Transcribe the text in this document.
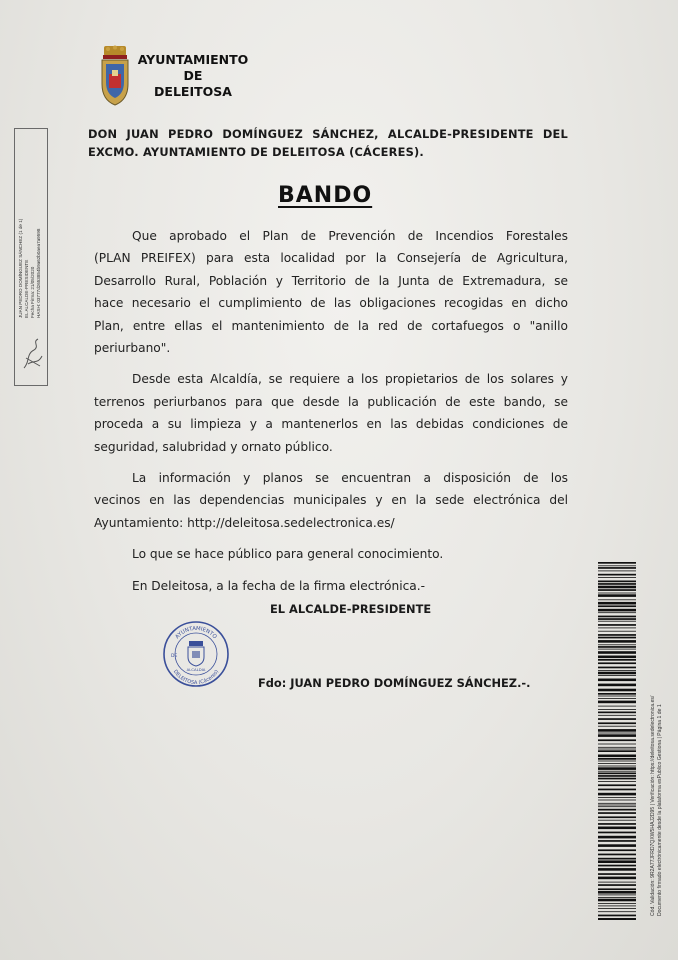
AYUNTAMIENTO
DE
DELEITOSA
JUAN PEDRO DOMÍNGUEZ SÁNCHEZ (1 de 1) EL ALCALDE-PRESIDENTE Fecha Firma: 21/05/2020 HASH: 03777d2653854b9a62b0aea7a9598
DON JUAN PEDRO DOMÍNGUEZ SÁNCHEZ, ALCALDE-PRESIDENTE DEL
EXCMO. AYUNTAMIENTO DE DELEITOSA (CÁCERES).
BANDO
Que aprobado el Plan de Prevención de Incendios Forestales
(PLAN PREIFEX) para esta localidad por la Consejería de Agricultura,
Desarrollo Rural, Población y Territorio de la Junta de Extremadura, se
hace necesario el cumplimiento de las obligaciones recogidas en dicho
Plan, entre ellas el mantenimiento de la red de cortafuegos o "anillo
periurbano".
Desde esta Alcaldía, se requiere a los propietarios de los solares y
terrenos periurbanos para que desde la publicación de este bando, se
proceda a su limpieza y a mantenerlos en las debidas condiciones de
seguridad, salubridad y ornato público.
La información y planos se encuentran a disposición de los
vecinos en las dependencias municipales y en la sede electrónica del
Ayuntamiento: http://deleitosa.sedelectronica.es/
Lo que se hace público para general conocimiento.
En Deleitosa, a la fecha de la firma electrónica.-
EL ALCALDE-PRESIDENTE
AYUNTAMIENTO
DELEITOSA (Cáceres)
DE
ALCALDIA
Fdo: JUAN PEDRO DOMÍNGUEZ SÁNCHEZ.-.
Cód. Validación: 9R2A77JFRD7QXW5HAJ2D95 | Verificación: https://deleitosa.sedelectronica.es/ Documento firmado electrónicamente desde la plataforma esPublico Gestiona | Página 1 de 1
